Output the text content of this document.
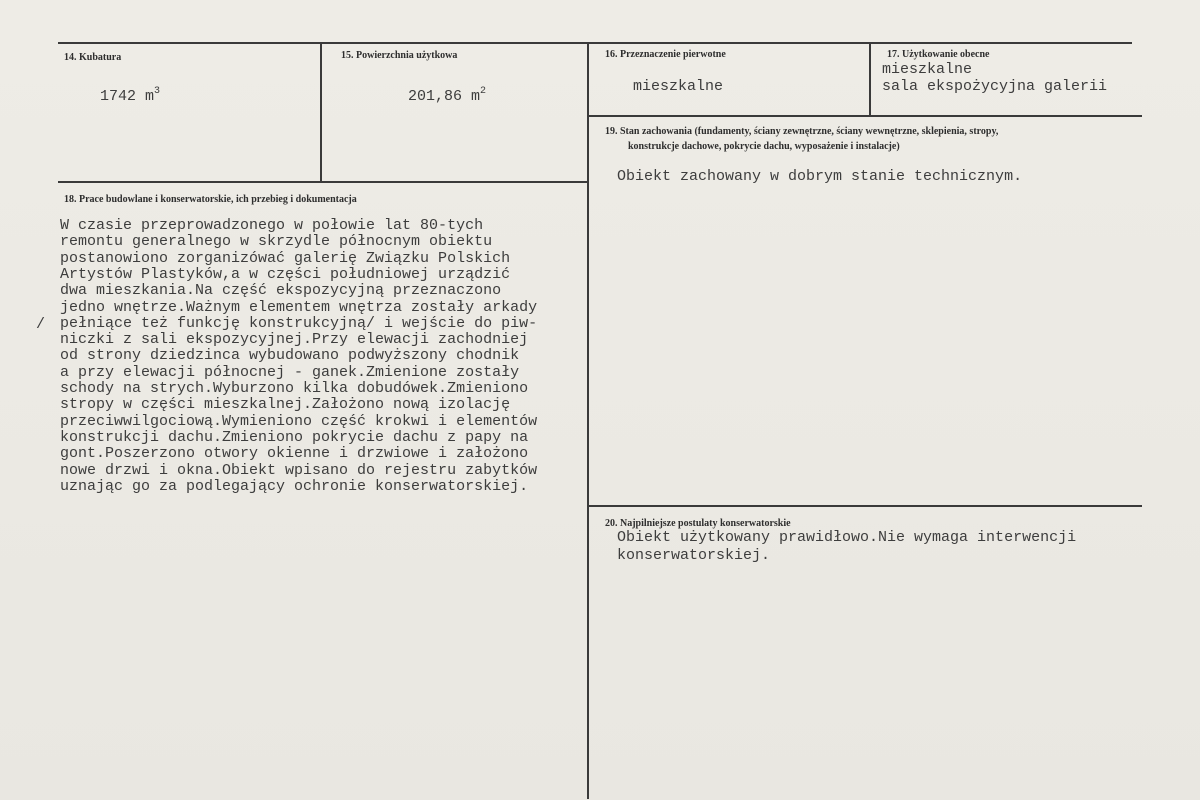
14. Kubatura
1742 $m^3$
15. Powierzchnia użytkowa
201,86 $m^2$
16. Przeznaczenie pierwotne
mieszkalne
17. Użytkowanie obecne
mieszkalne
sala ekspożycyjna galerii
19. Stan zachowania (fundamenty, ściany zewnętrzne, ściany wewnętrzne, sklepienia, stropy,
konstrukcje dachowe, pokrycie dachu, wyposażenie i instalacje)
Obiekt zachowany w dobrym stanie technicznym.
18. Prace budowlane i konserwatorskie, ich przebieg i dokumentacja
/
W czasie przeprowadzonego w połowie lat 80-tych
remontu generalnego w skrzydle północnym obiektu
postanowiono zorganizówać galerię Związku Polskich
Artystów Plastyków,a w części południowej urządzić
dwa mieszkania.Na część ekspozycyjną przeznaczono
jedno wnętrze.Ważnym elementem wnętrza zostały arkady
pełniące też funkcję konstrukcyjną/ i wejście do piw-
niczki z sali ekspozycyjnej.Przy elewacji zachodniej
od strony dziedzinca wybudowano podwyższony chodnik
a przy elewacji północnej - ganek.Zmienione zostały
schody na strych.Wyburzono kilka dobudówek.Zmieniono
stropy w części mieszkalnej.Założono nową izolację
przeciwwilgociową.Wymieniono część krokwi i elementów
konstrukcji dachu.Zmieniono pokrycie dachu z papy na
gont.Poszerzono otwory okienne i drzwiowe i założono
nowe drzwi i okna.Obiekt wpisano do rejestru zabytków
uznając go za podlegający ochronie konserwatorskiej.
20. Najpilniejsze postulaty konserwatorskie
Obiekt użytkowany prawidłowo.Nie wymaga interwencji
konserwatorskiej.
